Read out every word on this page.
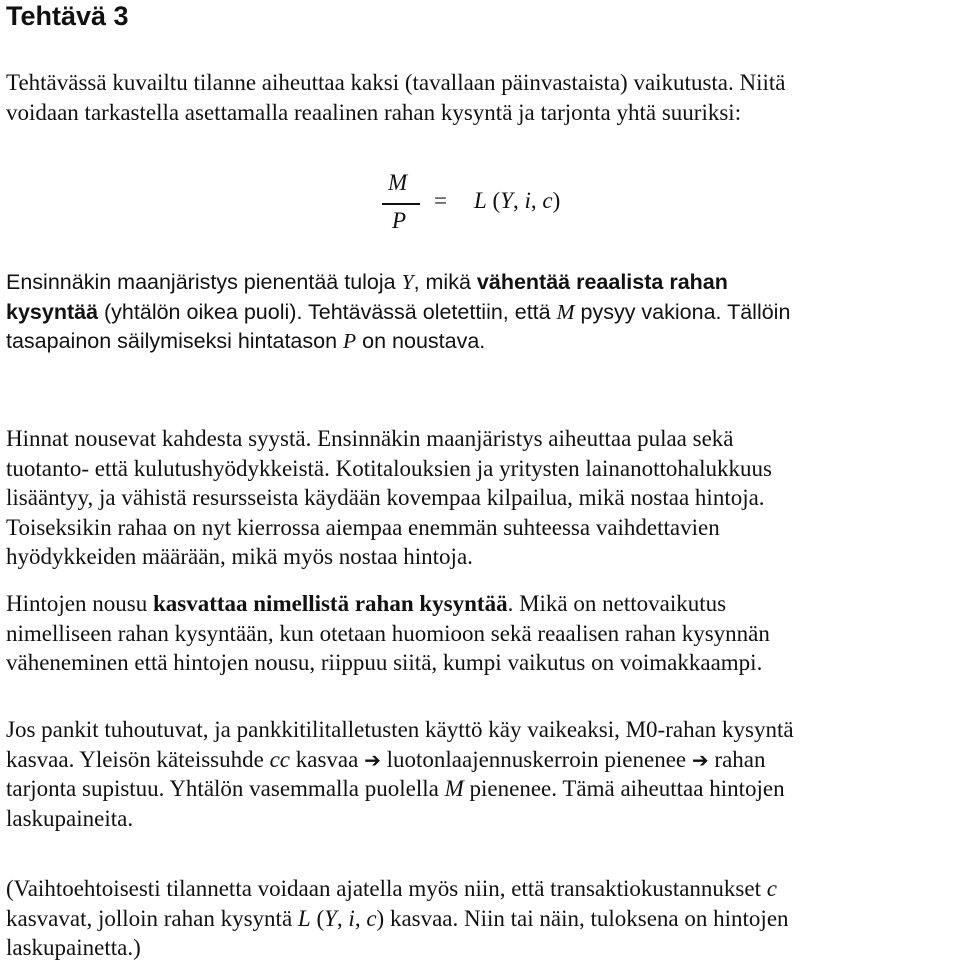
Tehtävä 3
Tehtävässä kuvailtu tilanne aiheuttaa kaksi (tavallaan päinvastaista) vaikutusta. Niitä
voidaan tarkastella asettamalla reaalinen rahan kysyntä ja tarjonta yhtä suuriksi:
M
P
= L (Y, i, c)
Ensinnäkin maanjäristys pienentää tuloja Y, mikä vähentää reaalista rahan
kysyntää (yhtälön oikea puoli). Tehtävässä oletettiin, että M pysyy vakiona. Tällöin
tasapainon säilymiseksi hintatason P on noustava.
Hinnat nousevat kahdesta syystä. Ensinnäkin maanjäristys aiheuttaa pulaa sekä
tuotanto- että kulutushyödykkeistä. Kotitalouksien ja yritysten lainanottohalukkuus
lisääntyy, ja vähistä resursseista käydään kovempaa kilpailua, mikä nostaa hintoja.
Toiseksikin rahaa on nyt kierrossa aiempaa enemmän suhteessa vaihdettavien
hyödykkeiden määrään, mikä myös nostaa hintoja.
Hintojen nousu kasvattaa nimellistä rahan kysyntää. Mikä on nettovaikutus
nimelliseen rahan kysyntään, kun otetaan huomioon sekä reaalisen rahan kysynnän
väheneminen että hintojen nousu, riippuu siitä, kumpi vaikutus on voimakkaampi.
Jos pankit tuhoutuvat, ja pankkitilitalletusten käyttö käy vaikeaksi, M0-rahan kysyntä
kasvaa. Yleisön käteissuhde cc kasvaa ➔ luotonlaajennuskerroin pienenee ➔ rahan
tarjonta supistuu. Yhtälön vasemmalla puolella M pienenee. Tämä aiheuttaa hintojen
laskupaineita.
(Vaihtoehtoisesti tilannetta voidaan ajatella myös niin, että transaktiokustannukset c
kasvavat, jolloin rahan kysyntä L (Y, i, c) kasvaa. Niin tai näin, tuloksena on hintojen
laskupainetta.)
